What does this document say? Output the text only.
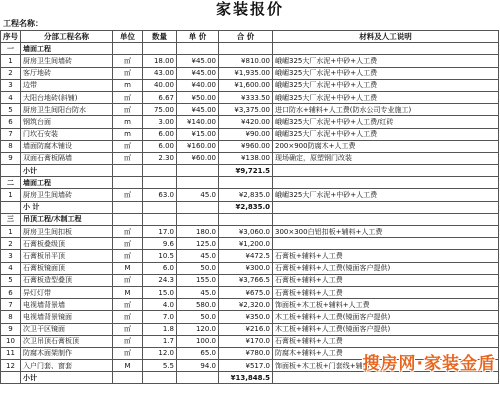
家装报价
工程名称：
序号	分部工程名称	单位	数量	单 价	合 价	材料及人工说明
一	墙面工程					
1	厨房卫生间墙砖	㎡	18.00	¥45.00	¥810.00	峨嵋325大厂水泥+中砂+人工费
2	客厅地砖	㎡	43.00	¥45.00	¥1,935.00	峨嵋325大厂水泥+中砂+人工费
3	边带	m	40.00	¥40.00	¥1,600.00	峨嵋325大厂水泥+中砂+人工费
4	大阳台地砖(斜铺)	㎡	6.67	¥50.00	¥333.50	峨嵋325大厂水泥+中砂+人工费
5	厨房卫生间阳台防水	㎡	75.00	¥45.00	¥3,375.00	进口防水+辅料+人工费(防水公司专业施工)
6	钢筑台面	m	3.00	¥140.00	¥420.00	峨嵋325大厂水泥+中砂+人工费/红砖
7	门坎石安装	m	6.00	¥15.00	¥90.00	峨嵋325大厂水泥+中砂+人工费
8	墙面防腐木铺设	㎡	6.00	¥160.00	¥960.00	200×900防腐木+人工费
9	双面石膏板隔墙	㎡	2.30	¥60.00	¥138.00	现场确定，原塑钢门改装
	小计				¥9,721.5	
二	墙面工程					
1	厨房卫生间墙砖	㎡	63.0	45.0	¥2,835.0	峨嵋325大厂水泥+中砂+人工费
	小 计				¥2,835.0	
三	吊顶工程/木制工程					
1	厨房卫生间扣板	㎡	17.0	180.0	¥3,060.0	300×300白铝扣板+辅料+人工费
2	石膏板叠级顶	㎡	9.6	125.0	¥1,200.0	
3	石膏板吊平顶	㎡	10.5	45.0	¥472.5	石膏板+辅料+人工费
4	石膏板镜面顶	M	6.0	50.0	¥300.0	石膏板+辅料+人工费(镜面客户提供)
5	石膏板造型叠顶	㎡	24.3	155.0	¥3,766.5	石膏板+辅料+人工费
6	异灯灯带	M	15.0	45.0	¥675.0	石膏板+辅料+人工费
7	电视墙背景墙	㎡	4.0	580.0	¥2,320.0	饰面板+木工板+辅料+人工费
8	电视墙背景镜面	㎡	7.0	50.0	¥350.0	木工板+辅料+人工费(镜面客户提供)
9	次卫干区镜面	㎡	1.8	120.0	¥216.0	木工板+辅料+人工费(镜面客户提供)
10	次卫吊顶石膏板顶	㎡	1.7	100.0	¥170.0	石膏板+辅料+人工费
11	防腐木面架制作	㎡	12.0	65.0	¥780.0	防腐木+辅料+人工费
12	入户门套、窗套	M	5.5	94.0	¥517.0	饰面板+木工板+门套线+辅料+人工费
	小计				¥13,848.5	
搜房网·家装金盾
